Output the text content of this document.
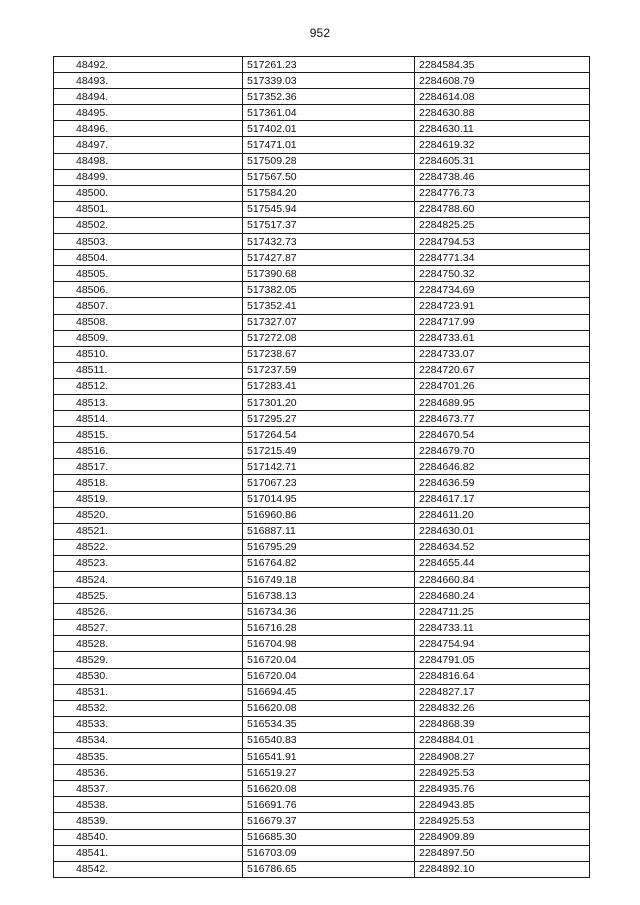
952
48492.	517261.23	2284584.35
48493.	517339.03	2284608.79
48494.	517352.36	2284614.08
48495.	517361.04	2284630.88
48496.	517402.01	2284630.11
48497.	517471.01	2284619.32
48498.	517509.28	2284605.31
48499.	517567.50	2284738.46
48500.	517584.20	2284776.73
48501.	517545.94	2284788.60
48502.	517517.37	2284825.25
48503.	517432.73	2284794.53
48504.	517427.87	2284771.34
48505.	517390.68	2284750.32
48506.	517382.05	2284734.69
48507.	517352.41	2284723.91
48508.	517327.07	2284717.99
48509.	517272.08	2284733.61
48510.	517238.67	2284733.07
48511.	517237.59	2284720.67
48512.	517283.41	2284701.26
48513.	517301.20	2284689.95
48514.	517295.27	2284673.77
48515.	517264.54	2284670.54
48516.	517215.49	2284679.70
48517.	517142.71	2284646.82
48518.	517067.23	2284636.59
48519.	517014.95	2284617.17
48520.	516960.86	2284611.20
48521.	516887.11	2284630.01
48522.	516795.29	2284634.52
48523.	516764.82	2284655.44
48524.	516749.18	2284660.84
48525.	516738.13	2284680.24
48526.	516734.36	2284711.25
48527.	516716.28	2284733.11
48528.	516704.98	2284754.94
48529.	516720.04	2284791.05
48530.	516720.04	2284816.64
48531.	516694.45	2284827.17
48532.	516620.08	2284832.26
48533.	516534.35	2284868.39
48534.	516540.83	2284884.01
48535.	516541.91	2284908.27
48536.	516519.27	2284925.53
48537.	516620.08	2284935.76
48538.	516691.76	2284943.85
48539.	516679.37	2284925.53
48540.	516685.30	2284909.89
48541.	516703.09	2284897.50
48542.	516786.65	2284892.10
